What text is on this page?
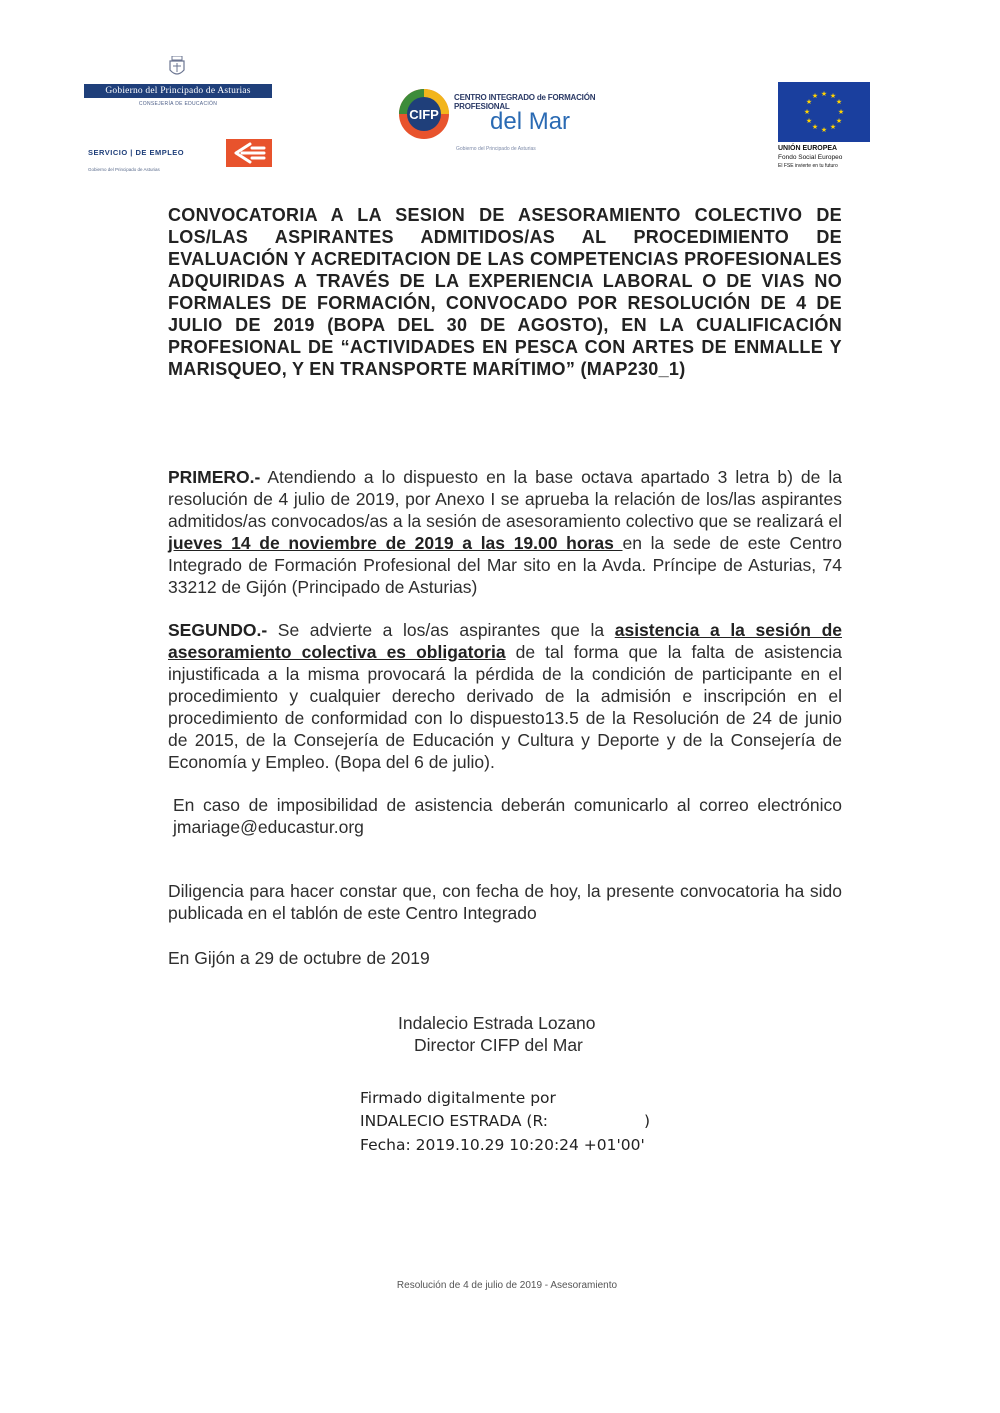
Gobierno del Principado de Asturias
CONSEJERÍA DE EDUCACIÓN
SERVICIO | DE EMPLEO
Gobierno del Principado de Asturias
CIFP
CENTRO INTEGRADO de FORMACIÓN PROFESIONAL
del Mar
Gobierno del Principado de Asturias
★ ★
★
★
★
★
★
★
★
★
★
★
UNIÓN EUROPEA
Fondo Social Europeo
El FSE invierte en tu futuro
CONVOCATORIA A LA SESION DE ASESORAMIENTO COLECTIVO DE LOS/LAS ASPIRANTES ADMITIDOS/AS AL PROCEDIMIENTO DE EVALUACIÓN Y ACREDITACION DE LAS COMPETENCIAS PROFESIONALES ADQUIRIDAS A TRAVÉS DE LA EXPERIENCIA LABORAL O DE VIAS NO FORMALES DE FORMACIÓN, CONVOCADO POR RESOLUCIÓN DE 4 DE JULIO DE 2019 (BOPA DEL 30 DE AGOSTO), EN LA CUALIFICACIÓN PROFESIONAL DE “ACTIVIDADES EN PESCA CON ARTES DE ENMALLE Y MARISQUEO, Y EN TRANSPORTE MARÍTIMO” (MAP230_1)
PRIMERO.- Atendiendo a lo dispuesto en la base octava apartado 3 letra b) de la resolución de 4 julio de 2019, por Anexo I se aprueba la relación de los/las aspirantes admitidos/as convocados/as a la sesión de asesoramiento colectivo que se realizará el jueves 14 de noviembre de 2019 a las 19.00 horas en la sede de este Centro Integrado de Formación Profesional del Mar sito en la Avda. Príncipe de Asturias, 74 33212 de Gijón (Principado de Asturias)
SEGUNDO.- Se advierte a los/as aspirantes que la asistencia a la sesión de asesoramiento colectiva es obligatoria de tal forma que la falta de asistencia injustificada a la misma provocará la pérdida de la condición de participante en el procedimiento y cualquier derecho derivado de la admisión e inscripción en el procedimiento de conformidad con lo dispuesto13.5 de la Resolución de 24 de junio de 2015, de la Consejería de Educación y Cultura y Deporte y de la Consejería de Economía y Empleo. (Bopa del 6 de julio).
En caso de imposibilidad de asistencia deberán comunicarlo al correo electrónico jmariage@educastur.org
Diligencia para hacer constar que, con fecha de hoy, la presente convocatoria ha sido publicada en el tablón de este Centro Integrado
En Gijón a 29 de octubre de 2019
Indalecio Estrada Lozano
Director CIFP del Mar
Firmado digitalmente por
INDALECIO ESTRADA (R:	)
Fecha: 2019.10.29 10:20:24 +01'00'
Resolución de 4 de julio de 2019 - Asesoramiento
